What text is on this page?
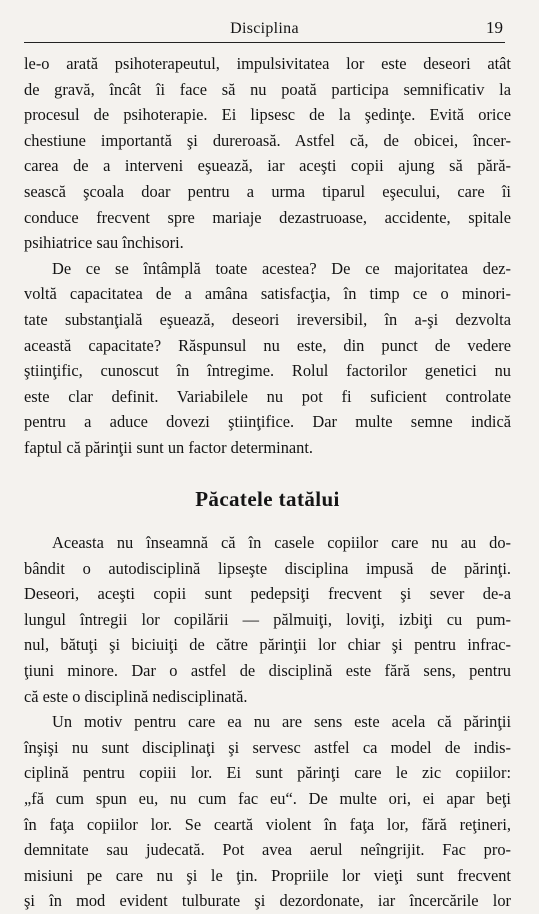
Disciplina	19

le-o arată psihoterapeutul, impulsivitatea lor este deseori atât
de gravă, încât îi face să nu poată participa semnificativ la
procesul de psihoterapie. Ei lipsesc de la şedinţe. Evită orice
chestiune importantă şi dureroasă. Astfel că, de obicei, încer-
carea de a interveni eşuează, iar aceşti copii ajung să pără-
sească şcoala doar pentru a urma tiparul eşecului, care îi
conduce frecvent spre mariaje dezastruoase, accidente, spitale
psihiatrice sau închisori.

De ce se întâmplă toate acestea? De ce majoritatea dez-
voltă capacitatea de a amâna satisfacţia, în timp ce o minori-
tate substanţială eşuează, deseori ireversibil, în a-şi dezvolta
această capacitate? Răspunsul nu este, din punct de vedere
ştiinţific, cunoscut în întregime. Rolul factorilor genetici nu
este clar definit. Variabilele nu pot fi suficient controlate
pentru a aduce dovezi ştiinţifice. Dar multe semne indică
faptul că părinţii sunt un factor determinant.

Păcatele tatălui

Aceasta nu înseamnă că în casele copiilor care nu au do-
bândit o autodisciplină lipseşte disciplina impusă de părinţi.
Deseori, aceşti copii sunt pedepsiţi frecvent şi sever de-a
lungul întregii lor copilării — pălmuiţi, loviţi, izbiţi cu pum-
nul, bătuţi şi biciuiţi de către părinţii lor chiar şi pentru infrac-
ţiuni minore. Dar o astfel de disciplină este fără sens, pentru
că este o disciplină nedisciplinată.

Un motiv pentru care ea nu are sens este acela că părinţii
înşişi nu sunt disciplinaţi şi servesc astfel ca model de indis-
ciplină pentru copiii lor. Ei sunt părinţi care le zic copiilor:
„fă cum spun eu, nu cum fac eu“. De multe ori, ei apar beţi
în faţa copiilor lor. Se ceartă violent în faţa lor, fără reţineri,
demnitate sau judecată. Pot avea aerul neîngrijit. Fac pro-
misiuni pe care nu şi le ţin. Propriile lor vieţi sunt frecvent
şi în mod evident tulburate şi dezordonate, iar încercările lor
